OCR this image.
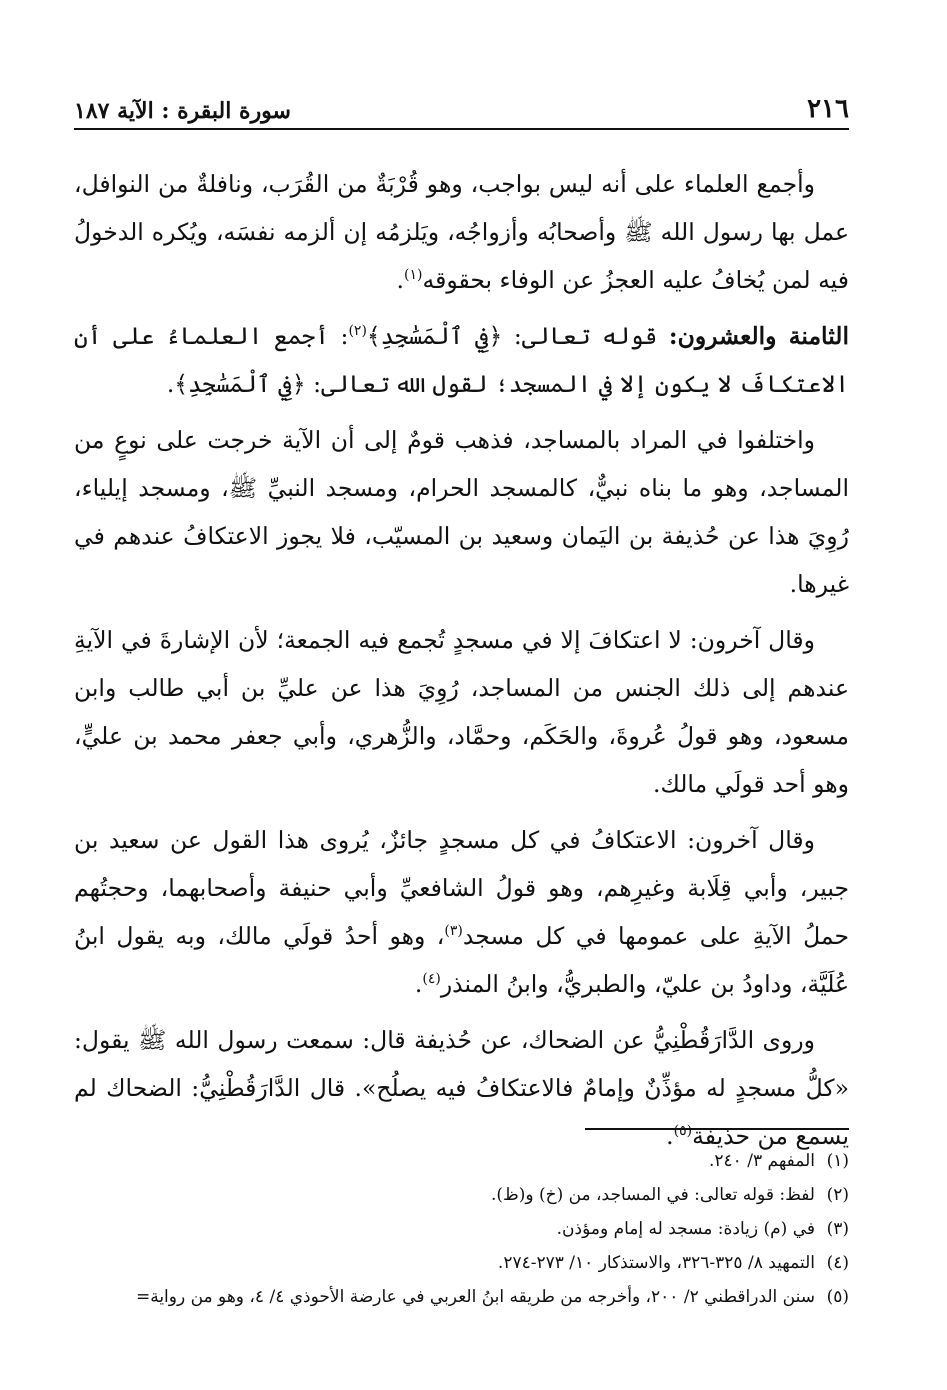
٢١٦
سورة البقرة : الآية ١٨٧

وأجمع العلماء على أنه ليس بواجب، وهو قُرْبَةٌ من القُرَب، ونافلةٌ من النوافل، عمل بها رسول الله ﷺ وأصحابُه وأزواجُه، ويَلزمُه إن ألزمه نفسَه، ويُكره الدخولُ فيه لمن يُخافُ عليه العجزُ عن الوفاء بحقوقه$^{(١)}$.

الثامنة والعشرون: قوله تعالى: ﴿فِي ٱلْمَسَٰجِدِ﴾$^{(٢)}$: أجمع العلماءُ على أن الاعتكافَ لا يكون إلا في المسجد؛ لقول الله تعالى: ﴿فِي ٱلْمَسَٰجِدِ﴾.

واختلفوا في المراد بالمساجد، فذهب قومٌ إلى أن الآية خرجت على نوعٍ من المساجد، وهو ما بناه نبيٌّ، كالمسجد الحرام، ومسجد النبيِّ ﷺ، ومسجد إيلياء، رُوِيَ هذا عن حُذيفة بن اليَمان وسعيد بن المسيّب، فلا يجوز الاعتكافُ عندهم في غيرها.

وقال آخرون: لا اعتكافَ إلا في مسجدٍ تُجمع فيه الجمعة؛ لأن الإشارةَ في الآيةِ عندهم إلى ذلك الجنس من المساجد، رُوِيَ هذا عن عليِّ بن أبي طالب وابن مسعود، وهو قولُ عُروةَ، والحَكَم، وحمَّاد، والزُّهري، وأبي جعفر محمد بن عليٍّ، وهو أحد قولَي مالك.

وقال آخرون: الاعتكافُ في كل مسجدٍ جائزٌ، يُروى هذا القول عن سعيد بن جبير، وأبي قِلَابة وغيرِهم، وهو قولُ الشافعيِّ وأبي حنيفة وأصحابهما، وحجتُهم حملُ الآيةِ على عمومها في كل مسجد$^{(٣)}$، وهو أحدُ قولَي مالك، وبه يقول ابنُ عُلَيَّة، وداودُ بن عليّ، والطبريُّ، وابنُ المنذر$^{(٤)}$.

وروى الدَّارَقُطْنِيُّ عن الضحاك، عن حُذيفة قال: سمعت رسول الله ﷺ يقول: «كلُّ مسجدٍ له مؤذِّنٌ وإمامٌ فالاعتكافُ فيه يصلُح». قال الدَّارَقُطْنِيُّ: الضحاك لم يسمع من حذيفة$^{(٥)}$.

(١)
المفهم ٣/ ٢٤٠.
(٢)
لفظ: قوله تعالى: في المساجد، من (خ) و(ظ).
(٣)
في (م) زيادة: مسجد له إمام ومؤذن.
(٤)
التمهيد ٨/ ٣٢٥-٣٢٦، والاستذكار ١٠/ ٢٧٣-٢٧٤.
(٥)
سنن الدراقطني ٢/ ٢٠٠، وأخرجه من طريقه ابنُ العربي في عارضة الأحوذي ٤/ ٤، وهو من رواية=
